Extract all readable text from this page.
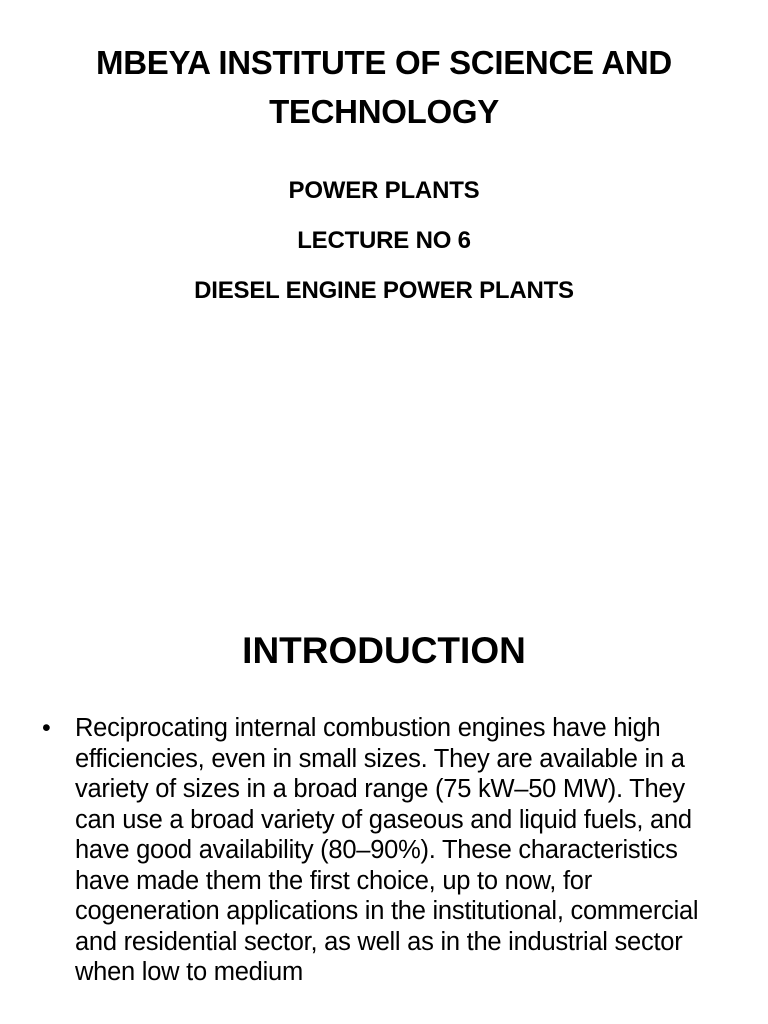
MBEYA INSTITUTE OF SCIENCE AND TECHNOLOGY
POWER PLANTS
LECTURE NO 6
DIESEL ENGINE POWER PLANTS
INTRODUCTION
• Reciprocating internal combustion engines have high efficiencies, even in small sizes. They are available in a variety of sizes in a broad range (75 kW–50 MW). They can use a broad variety of gaseous and liquid fuels, and have good availability (80–90%). These characteristics have made them the first choice, up to now, for cogeneration applications in the institutional, commercial and residential sector, as well as in the industrial sector when low to medium
